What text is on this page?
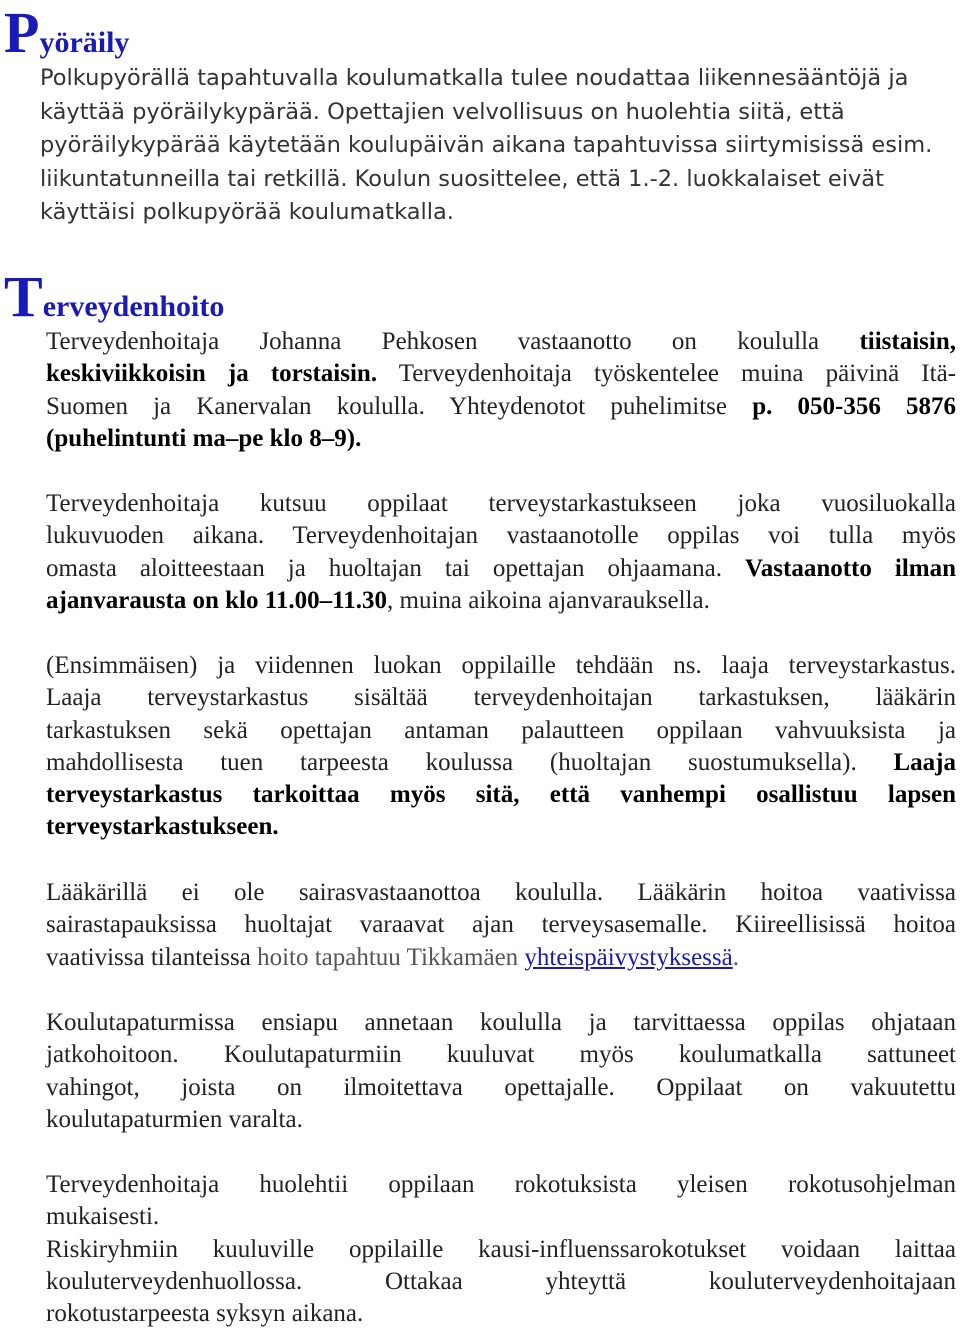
Pyöräily
Polkupyörällä tapahtuvalla koulumatkalla tulee noudattaa liikennesääntöjä ja
käyttää pyöräilykypärää. Opettajien velvollisuus on huolehtia siitä, että
pyöräilykypärää käytetään koulupäivän aikana tapahtuvissa siirtymisissä esim.
liikuntatunneilla tai retkillä. Koulun suosittelee, että 1.-2. luokkalaiset eivät
käyttäisi polkupyörää koulumatkalla.
Terveydenhoito
Terveydenhoitaja Johanna Pehkosen vastaanotto on koululla tiistaisin,
keskiviikkoisin ja torstaisin. Terveydenhoitaja työskentelee muina päivinä Itä-
Suomen ja Kanervalan koululla. Yhteydenotot puhelimitse p. 050-356 5876
(puhelintunti ma–pe klo 8–9).
Terveydenhoitaja kutsuu oppilaat terveystarkastukseen joka vuosiluokalla
lukuvuoden aikana. Terveydenhoitajan vastaanotolle oppilas voi tulla myös
omasta aloitteestaan ja huoltajan tai opettajan ohjaamana. Vastaanotto ilman
ajanvarausta on klo 11.00–11.30, muina aikoina ajanvarauksella.
(Ensimmäisen) ja viidennen luokan oppilaille tehdään ns. laaja terveystarkastus.
Laaja terveystarkastus sisältää terveydenhoitajan tarkastuksen, lääkärin
tarkastuksen sekä opettajan antaman palautteen oppilaan vahvuuksista ja
mahdollisesta tuen tarpeesta koulussa (huoltajan suostumuksella). Laaja
terveystarkastus tarkoittaa myös sitä, että vanhempi osallistuu lapsen
terveystarkastukseen.
Lääkärillä ei ole sairasvastaanottoa koululla. Lääkärin hoitoa vaativissa
sairastapauksissa huoltajat varaavat ajan terveysasemalle. Kiireellisissä hoitoa
vaativissa tilanteissa hoito tapahtuu Tikkamäen yhteispäivystyksessä.
Koulutapaturmissa ensiapu annetaan koululla ja tarvittaessa oppilas ohjataan
jatkohoitoon. Koulutapaturmiin kuuluvat myös koulumatkalla sattuneet
vahingot, joista on ilmoitettava opettajalle. Oppilaat on vakuutettu
koulutapaturmien varalta.
Terveydenhoitaja huolehtii oppilaan rokotuksista yleisen rokotusohjelman
mukaisesti.
Riskiryhmiin kuuluville oppilaille kausi-influenssarokotukset voidaan laittaa
kouluterveydenhuollossa. Ottakaa yhteyttä kouluterveydenhoitajaan
rokotustarpeesta syksyn aikana.
